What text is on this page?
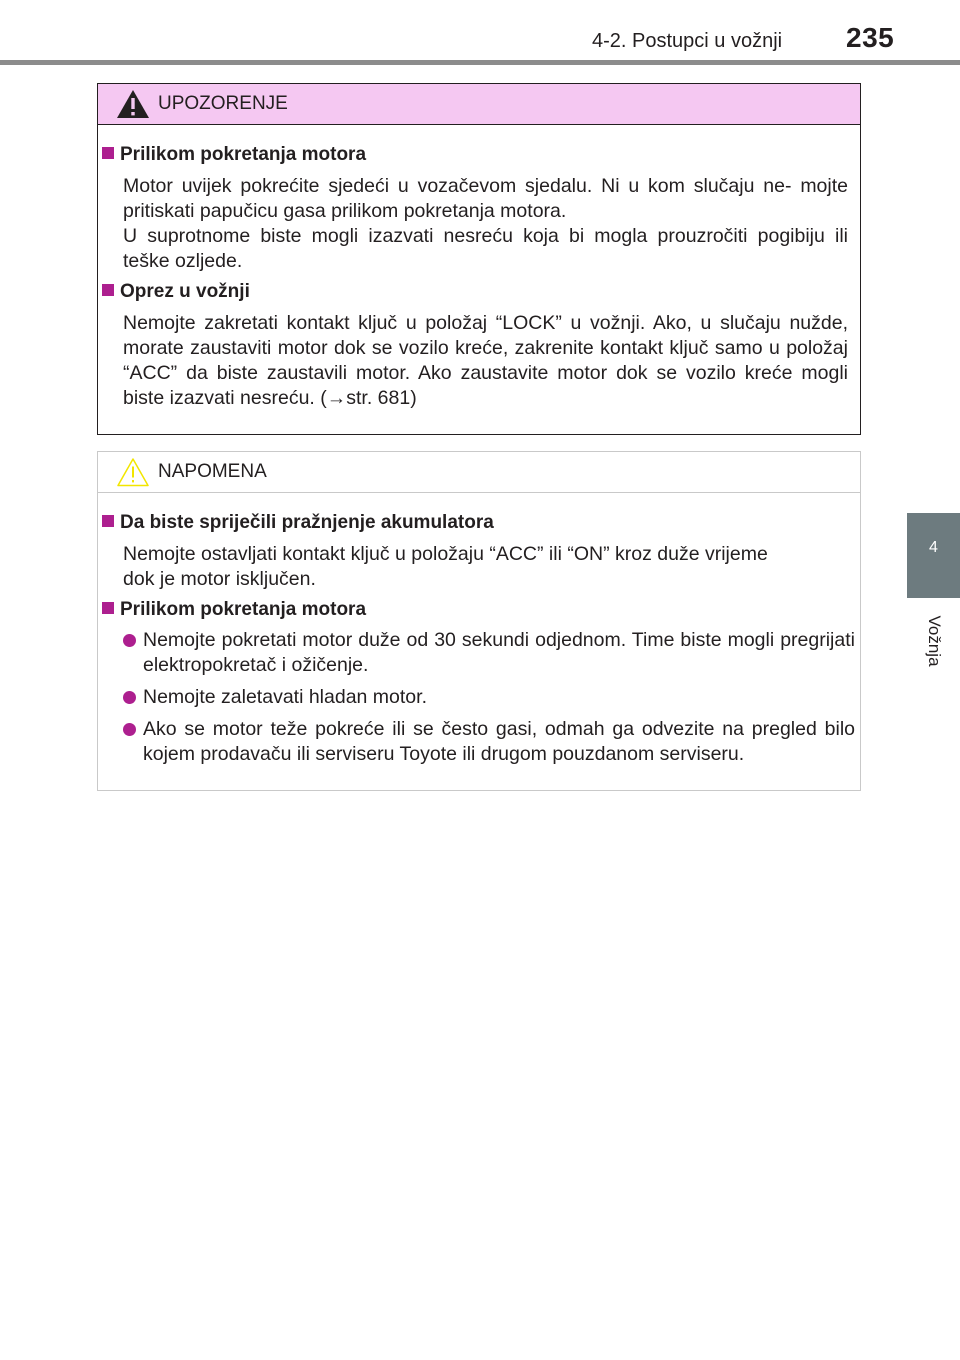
4-2. Postupci u vožnji 235
4
Vožnja
UPOZORENJE
Prilikom pokretanja motora

Motor uvijek pokrećite sjedeći u vozačevom sjedalu. Ni u kom slučaju ne- mojte pritiskati papučicu gasa prilikom pokretanja motora.
U suprotnome biste mogli izazvati nesreću koja bi mogla prouzročiti pogibiju ili teške ozljede.

Oprez u vožnji

Nemojte zakretati kontakt ključ u položaj “LOCK” u vožnji. Ako, u slučaju nužde, morate zaustaviti motor dok se vozilo kreće, zakrenite kontakt ključ samo u položaj “ACC” da biste zaustavili motor. Ako zaustavite motor dok se vozilo kreće mogli biste izazvati nesreću. (→str. 681)

NAPOMENA
Da biste spriječili pražnjenje akumulatora

Nemojte ostavljati kontakt ključ u položaju “ACC” ili “ON” kroz duže vrijeme
dok je motor isključen.

Prilikom pokretanja motora

Nemojte pokretati motor duže od 30 sekundi odjednom. Time biste mogli pregrijati elektropokretač i ožičenje.

Nemojte zaletavati hladan motor.

Ako se motor teže pokreće ili se često gasi, odmah ga odvezite na pregled bilo kojem prodavaču ili serviseru Toyote ili drugom pouzdanom serviseru.
